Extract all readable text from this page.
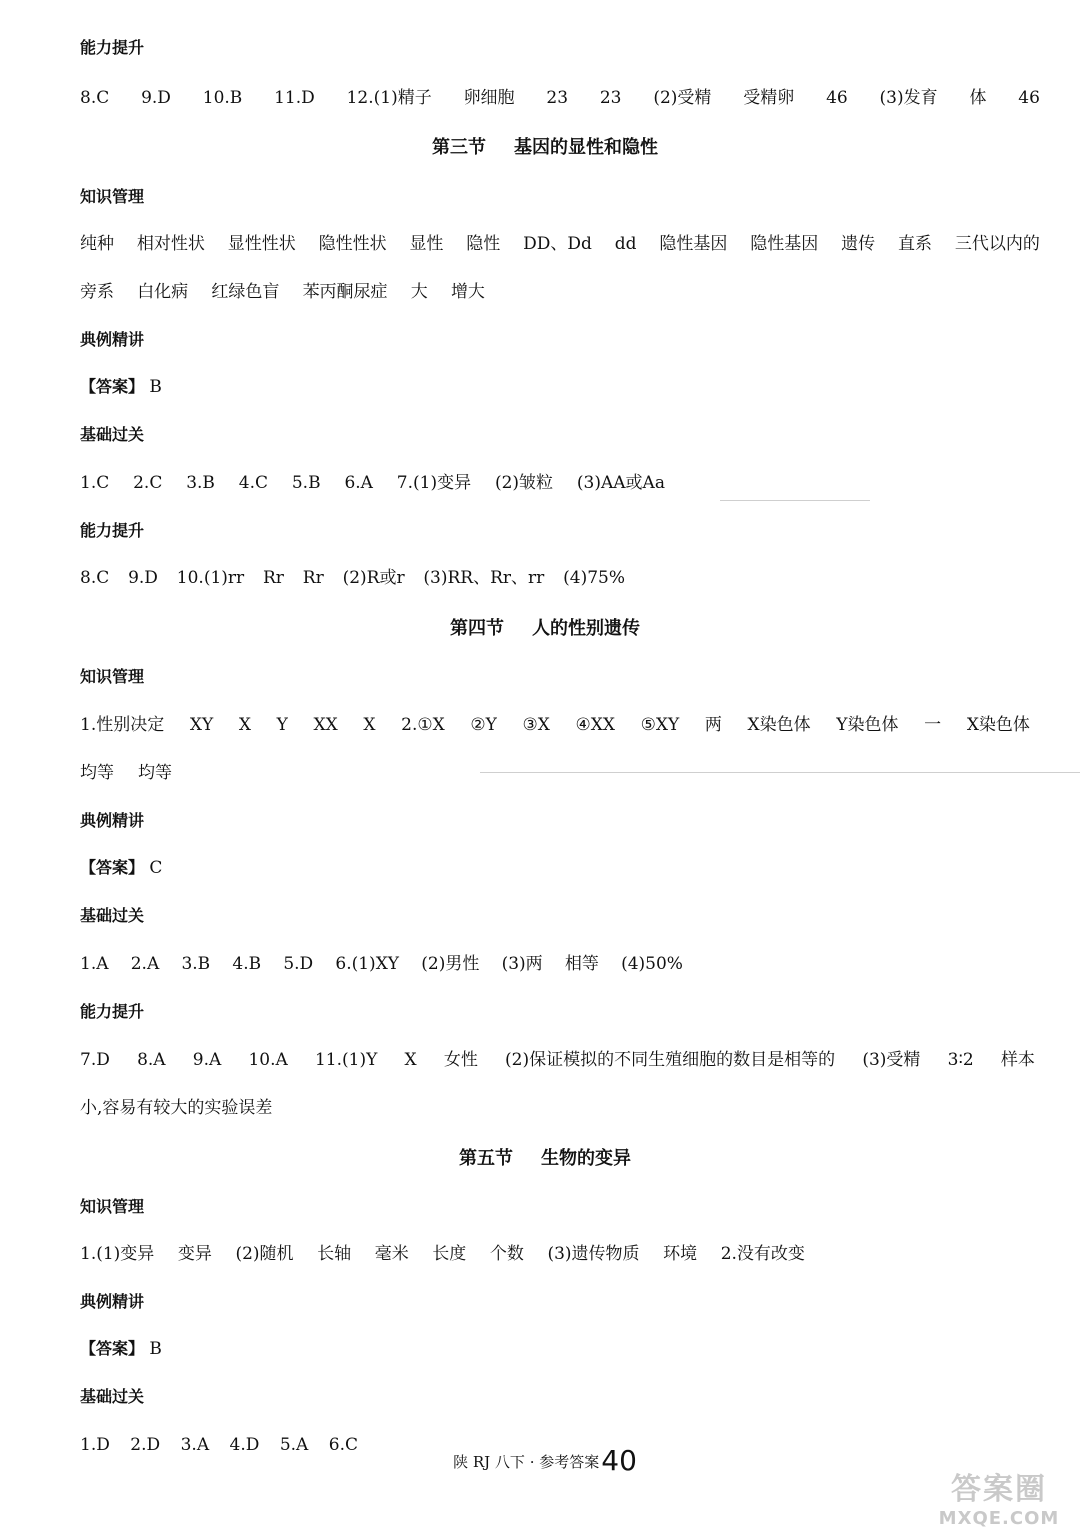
能力提升
8.C 9.D 10.B 11.D 12.(1)精子 卵细胞 23 23 (2)受精 受精卵 46 (3)发育 体 46
第三节 基因的显性和隐性
知识管理
纯种 相对性状 显性性状 隐性性状 显性 隐性 DD、Dd dd 隐性基因 隐性基因 遗传 直系 三代以内的
旁系 白化病 红绿色盲 苯丙酮尿症 大 增大
典例精讲
【答案】 B
基础过关
1.C 2.C 3.B 4.C 5.B 6.A 7.(1)变异 (2)皱粒 (3)AA或Aa
能力提升
8.C 9.D 10.(1)rr Rr Rr (2)R或r (3)RR、Rr、rr (4)75%
第四节 人的性别遗传
知识管理
1.性别决定 XY X Y XX X 2.①X ②Y ③X ④XX ⑤XY 两 X染色体 Y染色体 一 X染色体
均等 均等
典例精讲
【答案】 C
基础过关
1.A 2.A 3.B 4.B 5.D 6.(1)XY (2)男性 (3)两 相等 (4)50%
能力提升
7.D 8.A 9.A 10.A 11.(1)Y X 女性 (2)保证模拟的不同生殖细胞的数目是相等的 (3)受精 3∶2 样本
小,容易有较大的实验误差
第五节 生物的变异
知识管理
1.(1)变异 变异 (2)随机 长轴 毫米 长度 个数 (3)遗传物质 环境 2.没有改变
典例精讲
【答案】 B
基础过关
1.D 2.D 3.A 4.D 5.A 6.C
陕 RJ 八下 · 参考答案40
答案圈
MXQE.COM
